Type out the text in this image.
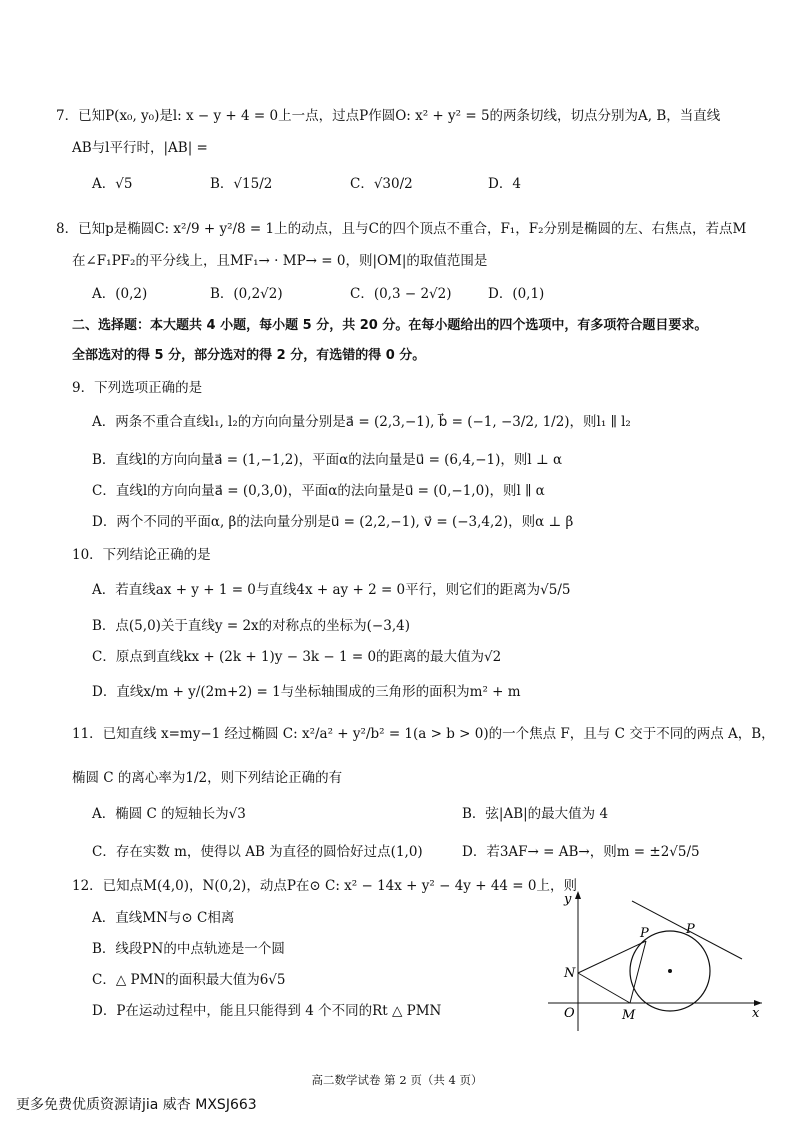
7．已知P(x₀, y₀)是l: x − y + 4 = 0上一点，过点P作圆O: x² + y² = 5的两条切线，切点分别为A, B，当直线
AB与l平行时，|AB| =
A．√5	B．√15/2	C．√30/2	D．4
8．已知p是椭圆C: x²/9 + y²/8 = 1上的动点，且与C的四个顶点不重合，F₁，F₂分别是椭圆的左、右焦点，若点M
在∠F₁PF₂的平分线上，且MF₁→ · MP→ = 0，则|OM|的取值范围是
A．(0,2)	B．(0,2√2)	C．(0,3 − 2√2)	D．(0,1)
二、选择题：本大题共 4 小题，每小题 5 分，共 20 分。在每小题给出的四个选项中，有多项符合题目要求。
全部选对的得 5 分，部分选对的得 2 分，有选错的得 0 分。
9．下列选项正确的是
A．两条不重合直线l₁, l₂的方向向量分别是a⃗ = (2,3,−1), b⃗ = (−1, −3/2, 1/2)，则l₁ ∥ l₂
B．直线l的方向向量a⃗ = (1,−1,2)，平面α的法向量是u⃗ = (6,4,−1)，则l ⊥ α
C．直线l的方向向量a⃗ = (0,3,0)，平面α的法向量是u⃗ = (0,−1,0)，则l ∥ α
D．两个不同的平面α, β的法向量分别是u⃗ = (2,2,−1), v⃗ = (−3,4,2)，则α ⊥ β
10．下列结论正确的是
A．若直线ax + y + 1 = 0与直线4x + ay + 2 = 0平行，则它们的距离为√5/5
B．点(5,0)关于直线y = 2x的对称点的坐标为(−3,4)
C．原点到直线kx + (2k + 1)y − 3k − 1 = 0的距离的最大值为√2
D．直线x/m + y/(2m+2) = 1与坐标轴围成的三角形的面积为m² + m
11．已知直线 x=my−1 经过椭圆 C: x²/a² + y²/b² = 1(a > b > 0)的一个焦点 F，且与 C 交于不同的两点 A，B，
椭圆 C 的离心率为1/2，则下列结论正确的有
A．椭圆 C 的短轴长为√3	B．弦|AB|的最大值为 4
C．存在实数 m，使得以 AB 为直径的圆恰好过点(1,0)	D．若3AF→ = AB→，则m = ±2√5/5
12．已知点M(4,0)，N(0,2)，动点P在⊙ C: x² − 14x + y² − 4y + 44 = 0上，则
A．直线MN与⊙ C相离
B．线段PN的中点轨迹是一个圆
C．△ PMN的面积最大值为6√5
D．P在运动过程中，能且只能得到 4 个不同的Rt △ PMN
y
x
O	M
N
P	P
高二数学试卷 第 2 页（共 4 页）
更多免费优质资源请jia 威杏 MXSJ663
